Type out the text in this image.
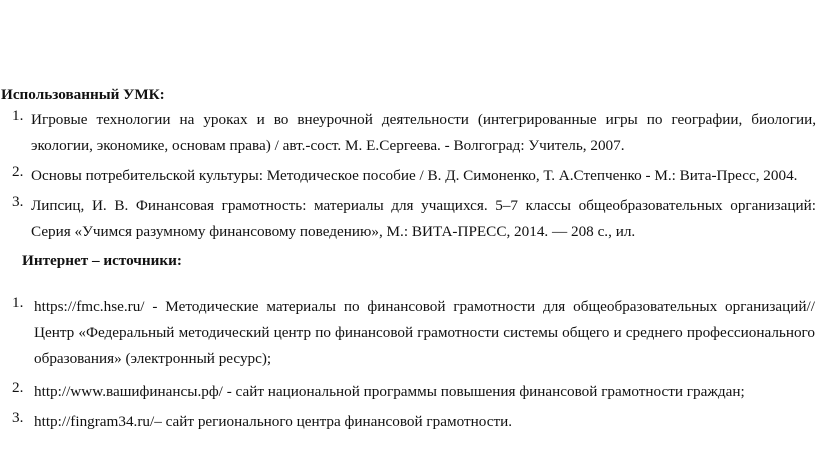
Использованный УМК:
1. Игровые технологии на уроках и во внеурочной деятельности (интегрированные игры по географии, биологии, экологии, экономике, основам права) / авт.-сост. М. Е.Сергеева. - Волгоград: Учитель, 2007.
2. Основы потребительской культуры: Методическое пособие / В. Д. Симоненко, Т. А.Степченко - М.: Вита-Пресс, 2004.
3. Липсиц, И. В. Финансовая грамотность: материалы для учащихся. 5–7 классы общеобразовательных организаций: Серия «Учимся разумному финансовому поведению», М.: ВИТА-ПРЕСС, 2014. — 208 с., ил.
Интернет – источники:
1. https://fmc.hse.ru/ - Методические материалы по финансовой грамотности для общеобразовательных организаций//Центр «Федеральный методический центр по финансовой грамотности системы общего и среднего профессионального образования» (электронный ресурс);
2. http://www.вашифинансы.рф/ - сайт национальной программы повышения финансовой грамотности граждан;
3. http://fingram34.ru/– сайт регионального центра финансовой грамотности.
